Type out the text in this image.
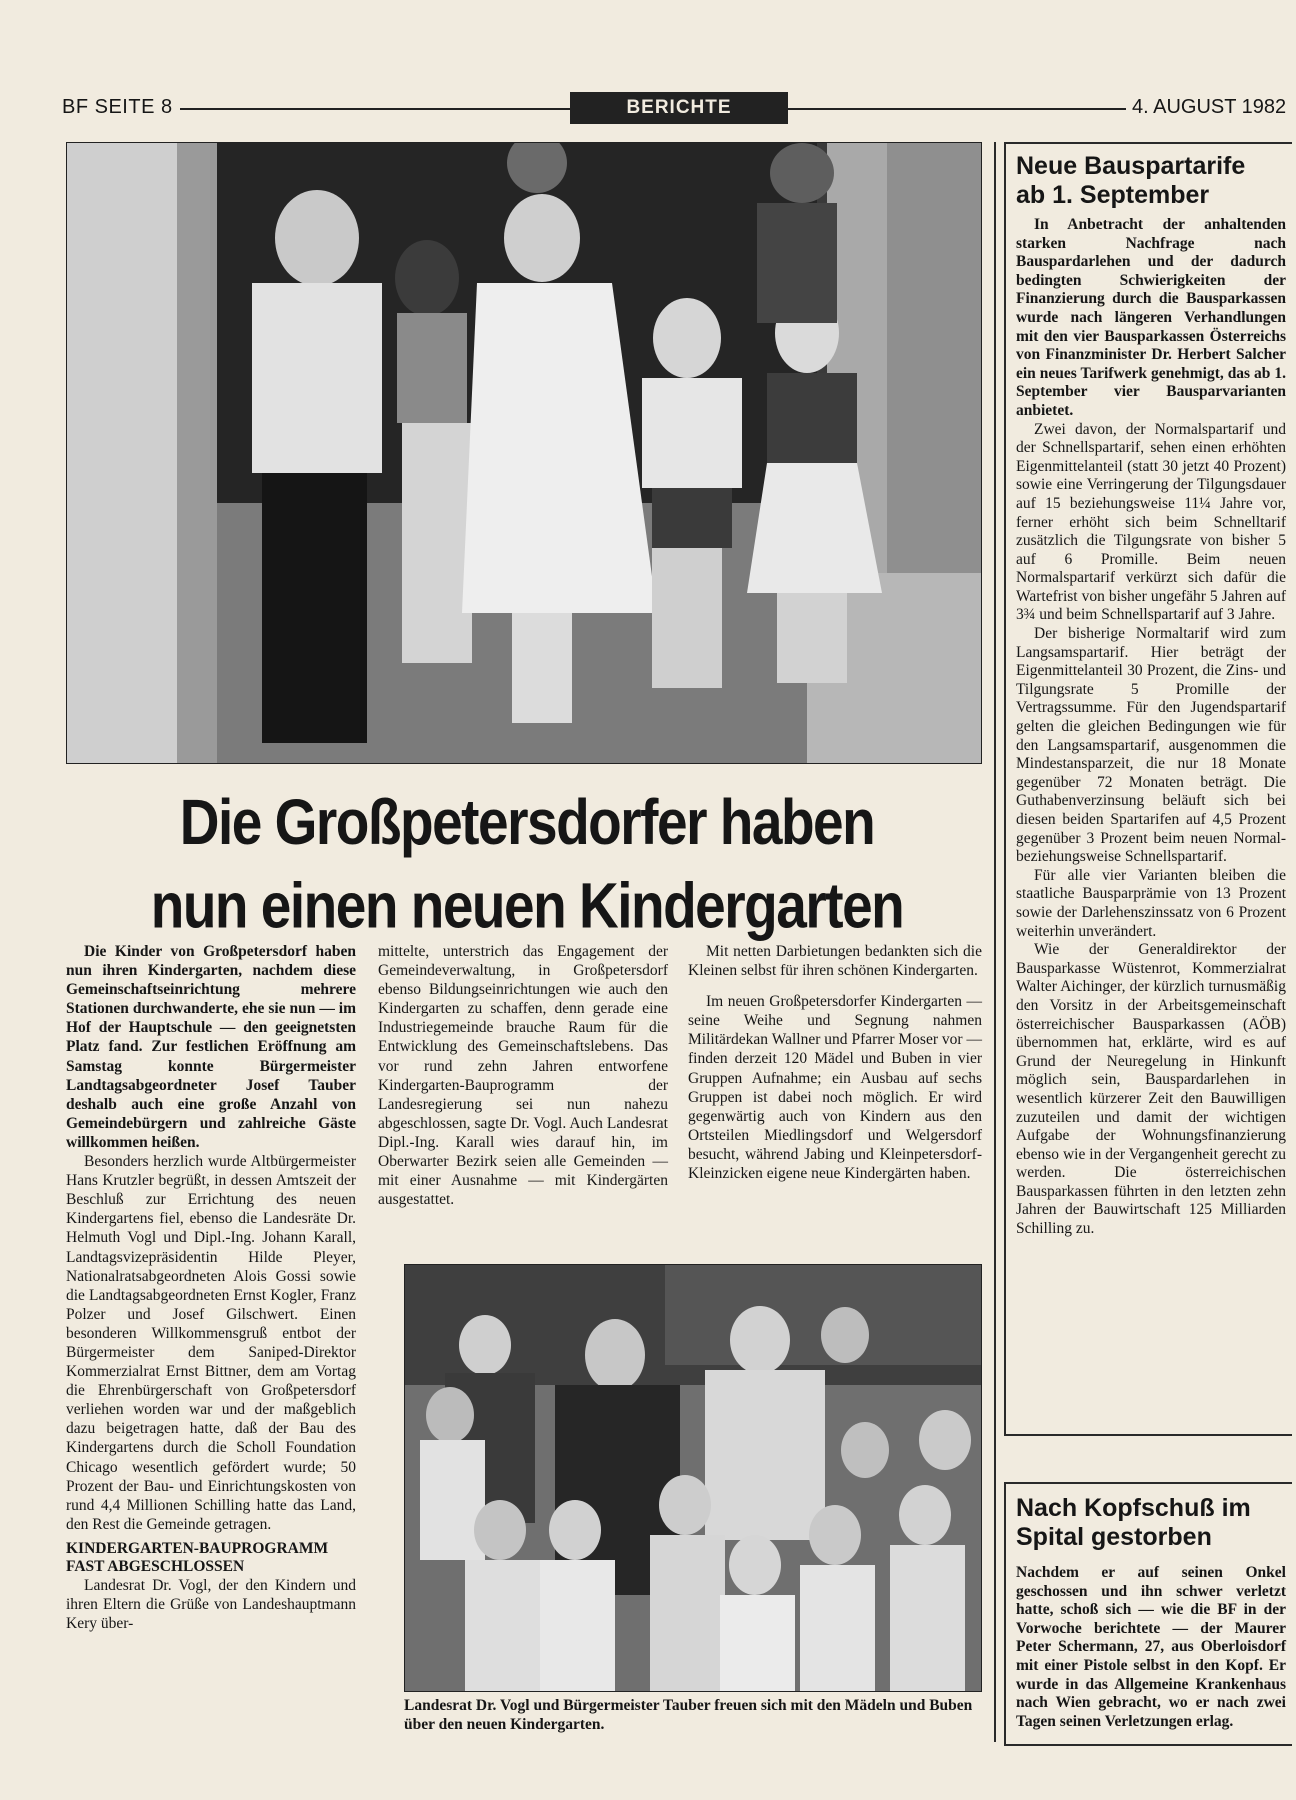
BF SEITE 8	BERICHTE	4. AUGUST 1982
Die Großpetersdorfer haben
nun einen neuen Kindergarten

Die Kinder von Großpetersdorf haben nun ihren Kindergarten, nachdem diese Gemeinschaftseinrichtung mehrere Stationen durchwanderte, ehe sie nun — im Hof der Hauptschule — den geeignetsten Platz fand. Zur festlichen Eröffnung am Samstag konnte Bürgermeister Landtagsabgeordneter Josef Tauber deshalb auch eine große Anzahl von Gemeindebürgern und zahlreiche Gäste willkommen heißen.

Besonders herzlich wurde Altbürgermeister Hans Krutzler begrüßt, in dessen Amtszeit der Beschluß zur Errichtung des neuen Kindergartens fiel, ebenso die Landesräte Dr. Helmuth Vogl und Dipl.-Ing. Johann Karall, Landtagsvizepräsidentin Hilde Pleyer, Nationalratsabgeordneten Alois Gossi sowie die Landtagsabgeordneten Ernst Kogler, Franz Polzer und Josef Gilschwert. Einen besonderen Willkommensgruß entbot der Bürgermeister dem Saniped-Direktor Kommerzialrat Ernst Bittner, dem am Vortag die Ehrenbürgerschaft von Großpetersdorf verliehen worden war und der maßgeblich dazu beigetragen hatte, daß der Bau des Kindergartens durch die Scholl Foundation Chicago wesentlich gefördert wurde; 50 Prozent der Bau- und Einrichtungskosten von rund 4,4 Millionen Schilling hatte das Land, den Rest die Gemeinde getragen.

KINDERGARTEN-BAUPROGRAMM FAST ABGESCHLOSSEN

Landesrat Dr. Vogl, der den Kindern und ihren Eltern die Grüße von Landeshauptmann Kery über-

mittelte, unterstrich das Engagement der Gemeindeverwaltung, in Großpetersdorf ebenso Bildungseinrichtungen wie auch den Kindergarten zu schaffen, denn gerade eine Industriegemeinde brauche Raum für die Entwicklung des Gemeinschaftslebens. Das vor rund zehn Jahren entworfene Kindergarten-Bauprogramm der Landesregierung sei nun nahezu abgeschlossen, sagte Dr. Vogl. Auch Landesrat Dipl.-Ing. Karall wies darauf hin, im Oberwarter Bezirk seien alle Gemeinden — mit einer Ausnahme — mit Kindergärten ausgestattet.

Mit netten Darbietungen bedankten sich die Kleinen selbst für ihren schönen Kindergarten.

Im neuen Großpetersdorfer Kindergarten — seine Weihe und Segnung nahmen Militärdekan Wallner und Pfarrer Moser vor — finden derzeit 120 Mädel und Buben in vier Gruppen Aufnahme; ein Ausbau auf sechs Gruppen ist dabei noch möglich. Er wird gegenwärtig auch von Kindern aus den Ortsteilen Miedlingsdorf und Welgersdorf besucht, während Jabing und Kleinpetersdorf-Kleinzicken eigene neue Kindergärten haben.

Landesrat Dr. Vogl und Bürgermeister Tauber freuen sich mit den Mädeln und Buben über den neuen Kindergarten.
Neue Bauspartarife
ab 1. September

In Anbetracht der anhaltenden starken Nachfrage nach Bauspardarlehen und der dadurch bedingten Schwierigkeiten der Finanzierung durch die Bausparkassen wurde nach längeren Verhandlungen mit den vier Bausparkassen Österreichs von Finanzminister Dr. Herbert Salcher ein neues Tarifwerk genehmigt, das ab 1. September vier Bausparvarianten anbietet.

Zwei davon, der Normalspartarif und der Schnellspartarif, sehen einen erhöhten Eigenmittelanteil (statt 30 jetzt 40 Prozent) sowie eine Verringerung der Tilgungsdauer auf 15 beziehungsweise 11¼ Jahre vor, ferner erhöht sich beim Schnelltarif zusätzlich die Tilgungsrate von bisher 5 auf 6 Promille. Beim neuen Normalspartarif verkürzt sich dafür die Wartefrist von bisher ungefähr 5 Jahren auf 3¾ und beim Schnellspartarif auf 3 Jahre.

Der bisherige Normaltarif wird zum Langsamspartarif. Hier beträgt der Eigenmittelanteil 30 Prozent, die Zins- und Tilgungsrate 5 Promille der Vertragssumme. Für den Jugendspartarif gelten die gleichen Bedingungen wie für den Langsamspartarif, ausgenommen die Mindestansparzeit, die nur 18 Monate gegenüber 72 Monaten beträgt. Die Guthabenverzinsung beläuft sich bei diesen beiden Spartarifen auf 4,5 Prozent gegenüber 3 Prozent beim neuen Normal- beziehungsweise Schnellspartarif.

Für alle vier Varianten bleiben die staatliche Bausparprämie von 13 Prozent sowie der Darlehenszinssatz von 6 Prozent weiterhin unverändert.

Wie der Generaldirektor der Bausparkasse Wüstenrot, Kommerzialrat Walter Aichinger, der kürzlich turnusmäßig den Vorsitz in der Arbeitsgemeinschaft österreichischer Bausparkassen (AÖB) übernommen hat, erklärte, wird es auf Grund der Neuregelung in Hinkunft möglich sein, Bauspardarlehen in wesentlich kürzerer Zeit den Bauwilligen zuzuteilen und damit der wichtigen Aufgabe der Wohnungsfinanzierung ebenso wie in der Vergangenheit gerecht zu werden. Die österreichischen Bausparkassen führten in den letzten zehn Jahren der Bauwirtschaft 125 Milliarden Schilling zu.

Nach Kopfschuß im
Spital gestorben

Nachdem er auf seinen Onkel geschossen und ihn schwer verletzt hatte, schoß sich — wie die BF in der Vorwoche berichtete — der Maurer Peter Schermann, 27, aus Oberloisdorf mit einer Pistole selbst in den Kopf. Er wurde in das Allgemeine Krankenhaus nach Wien gebracht, wo er nach zwei Tagen seinen Verletzungen erlag.
